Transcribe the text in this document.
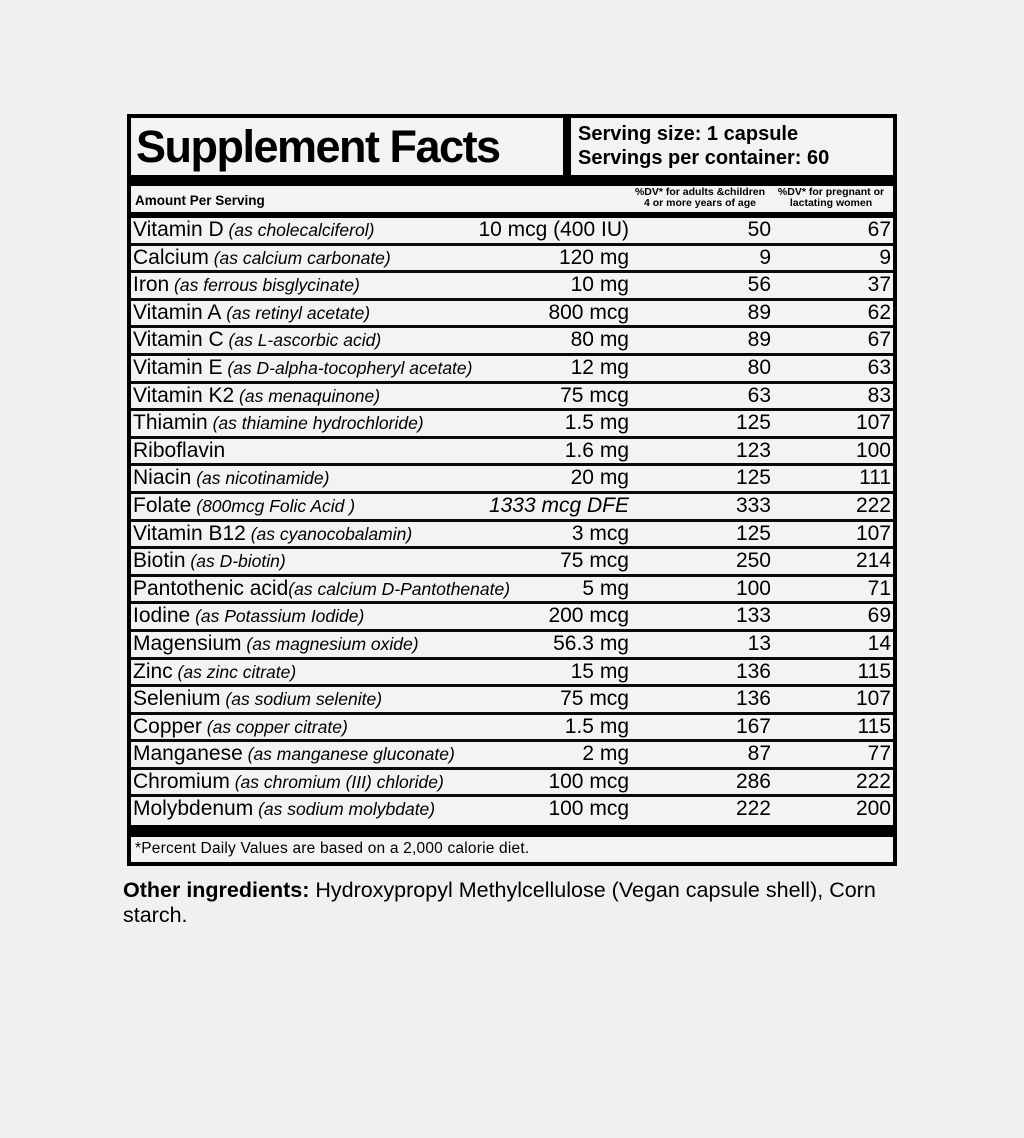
Supplement Facts	Serving size: 1 capsule
Servings per container: 60
Amount Per Serving
%DV* for adults &children
4 or more years of age
%DV* for pregnant or
lactating women
Vitamin D (as cholecalciferol)	10 mcg (400 IU)	50	67
Calcium (as calcium carbonate)	120 mg	9	9
Iron (as ferrous bisglycinate)	10 mg	56	37
Vitamin A (as retinyl acetate)	800 mcg	89	62
Vitamin C (as L-ascorbic acid)	80 mg	89	67
Vitamin E (as D-alpha-tocopheryl acetate)	12 mg	80	63
Vitamin K2 (as menaquinone)	75 mcg	63	83
Thiamin (as thiamine hydrochloride)	1.5 mg	125	107
Riboflavin	1.6 mg	123	100
Niacin (as nicotinamide)	20 mg	125	111
Folate (800mcg Folic Acid )	1333 mcg DFE	333	222
Vitamin B12 (as cyanocobalamin)	3 mcg	125	107
Biotin (as D-biotin)	75 mcg	250	214
Pantothenic acid(as calcium D-Pantothenate)	5 mg	100	71
Iodine (as Potassium Iodide)	200 mcg	133	69
Magensium (as magnesium oxide)	56.3 mg	13	14
Zinc (as zinc citrate)	15 mg	136	115
Selenium (as sodium selenite)	75 mcg	136	107
Copper (as copper citrate)	1.5 mg	167	115
Manganese (as manganese gluconate)	2 mg	87	77
Chromium (as chromium (III) chloride)	100 mcg	286	222
Molybdenum (as sodium molybdate)	100 mcg	222	200
*Percent Daily Values are based on a 2,000 calorie diet.

Other ingredients: Hydroxypropyl Methylcellulose (Vegan capsule shell), Corn starch.
